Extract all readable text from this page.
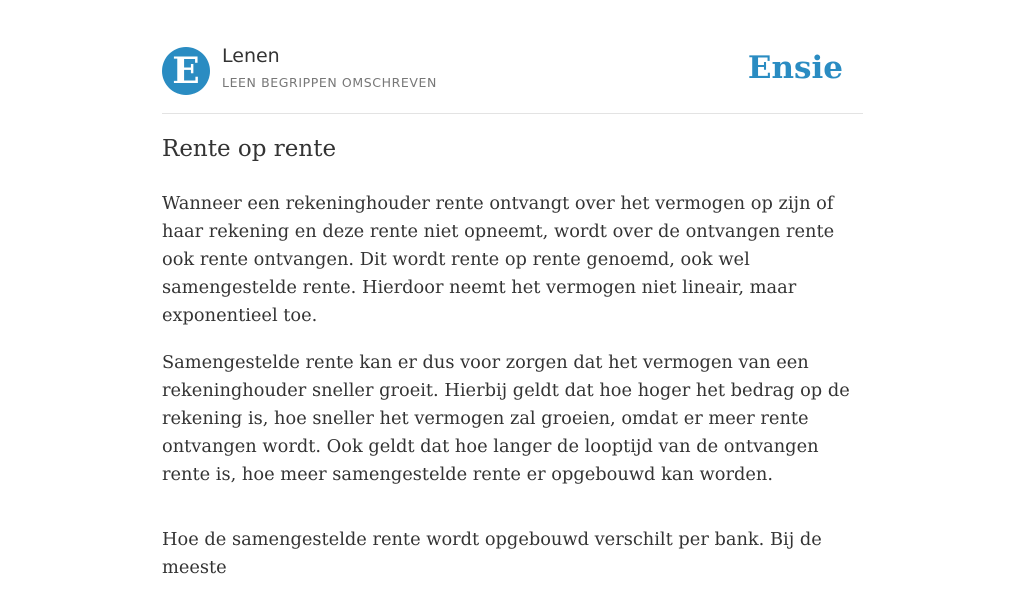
E	Lenen
LEEN BEGRIPPEN OMSCHREVEN	Ensie
Rente op rente

Wanneer een rekeninghouder rente ontvangt over het vermogen op zijn of haar rekening en deze rente niet opneemt, wordt over de ontvangen rente ook rente ontvangen. Dit wordt rente op rente genoemd, ook wel samengestelde rente. Hierdoor neemt het vermogen niet lineair, maar exponentieel toe.

Samengestelde rente kan er dus voor zorgen dat het vermogen van een rekeninghouder sneller groeit. Hierbij geldt dat hoe hoger het bedrag op de rekening is, hoe sneller het vermogen zal groeien, omdat er meer rente ontvangen wordt. Ook geldt dat hoe langer de looptijd van de ontvangen rente is, hoe meer samengestelde rente er opgebouwd kan worden.

Hoe de samengestelde rente wordt opgebouwd verschilt per bank. Bij de meeste
